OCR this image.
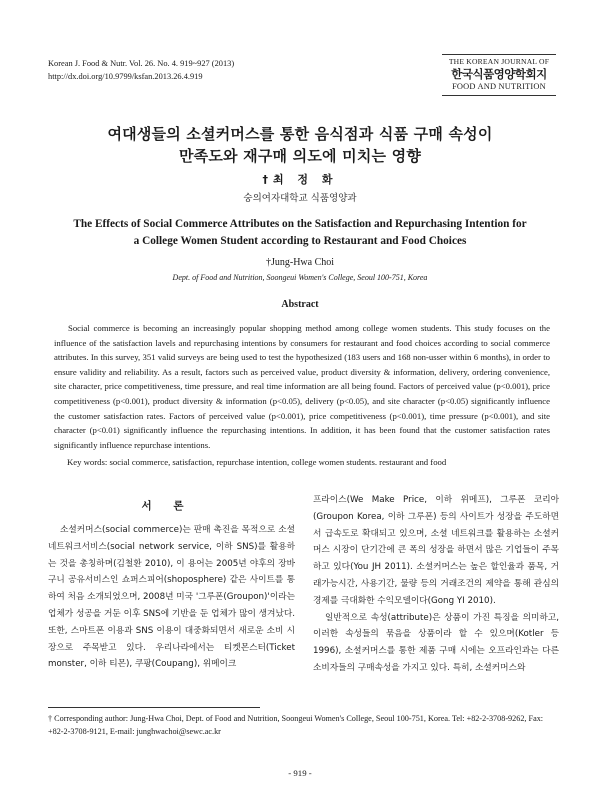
Korean J. Food & Nutr. Vol. 26. No. 4. 919~927 (2013)
http://dx.doi.org/10.9799/ksfan.2013.26.4.919
THE KOREAN JOURNAL OF
한국식품영양학회지
FOOD AND NUTRITION
여대생들의 소셜커머스를 통한 음식점과 식품 구매 속성이
만족도와 재구매 의도에 미치는 영향
†최 정 화
숭의여자대학교 식품영양과
The Effects of Social Commerce Attributes on the Satisfaction and Repurchasing Intention for
a College Women Student according to Restaurant and Food Choices
†Jung-Hwa Choi
Dept. of Food and Nutrition, Soongeui Women's College, Seoul 100-751, Korea
Abstract

Social commerce is becoming an increasingly popular shopping method among college women students. This study focuses on the influence of the satisfaction lavels and repurchasing intentions by consumers for restaurant and food choices according to social commerce attributes. In this survey, 351 valid surveys are being used to test the hypothesized (183 users and 168 non-usser within 6 months), in order to ensure validity and reliability. As a result, factors such as perceived value, product diversity & information, delivery, ordering convenience, site character, price competitiveness, time pressure, and real time information are all being found. Factors of perceived value (p<0.001), price competitiveness (p<0.001), product diversity & information (p<0.05), delivery (p<0.05), and site character (p<0.05) significantly influence the customer satisfaction rates. Factors of perceived value (p<0.001), price competitiveness (p<0.001), time pressure (p<0.001), and site character (p<0.01) significantly influence the repurchasing intentions. In addition, it has been found that the customer satisfaction rates significantly influence repurchase intentions.

Key words: social commerce, satisfaction, repurchase intention, college women students. restaurant and food
서 론

소셜커머스(social commerce)는 판매 촉진을 목적으로 소셜 네트워크서비스(social network service, 이하 SNS)를 활용하는 것을 총칭하며(김철환 2010), 이 용어는 2005년 야후의 장바구니 공유서비스인 쇼퍼스피어(shoposphere) 같은 사이트를 통하여 처음 소개되었으며, 2008년 미국 '그루폰(Groupon)'이라는 업체가 성공을 거둔 이후 SNS에 기반을 둔 업체가 많이 생겨났다. 또한, 스마트폰 이용과 SNS 이용이 대중화되면서 새로운 소비 시장으로 주목받고 있다. 우리나라에서는 티켓몬스터(Ticket monster, 이하 티몬), 쿠팡(Coupang), 위메이크

프라이스(We Make Price, 이하 위메프), 그루폰 코리아(Groupon Korea, 이하 그루폰) 등의 사이트가 성장을 주도하면서 급속도로 확대되고 있으며, 소셜 네트워크를 활용하는 소셜커머스 시장이 단기간에 큰 폭의 성장을 하면서 많은 기업들이 주목하고 있다(You JH 2011). 소셜커머스는 높은 할인율과 품목, 거래가능시간, 사용기간, 물량 등의 거래조건의 제약을 통해 관심의 경제를 극대화한 수익모델이다(Gong YI 2010).

일반적으로 속성(attribute)은 상품이 가진 특징을 의미하고, 이러한 속성들의 묶음을 상품이라 할 수 있으며(Kotler 등 1996), 소셜커머스를 통한 제품 구매 시에는 오프라인과는 다른 소비자들의 구매속성을 가지고 있다. 특히, 소셜커머스와

† Corresponding author: Jung-Hwa Choi, Dept. of Food and Nutrition, Soongeui Women's College, Seoul 100-751, Korea. Tel: +82-2-3708-9262, Fax: +82-2-3708-9121, E-mail: junghwachoi@sewc.ac.kr
- 919 -
